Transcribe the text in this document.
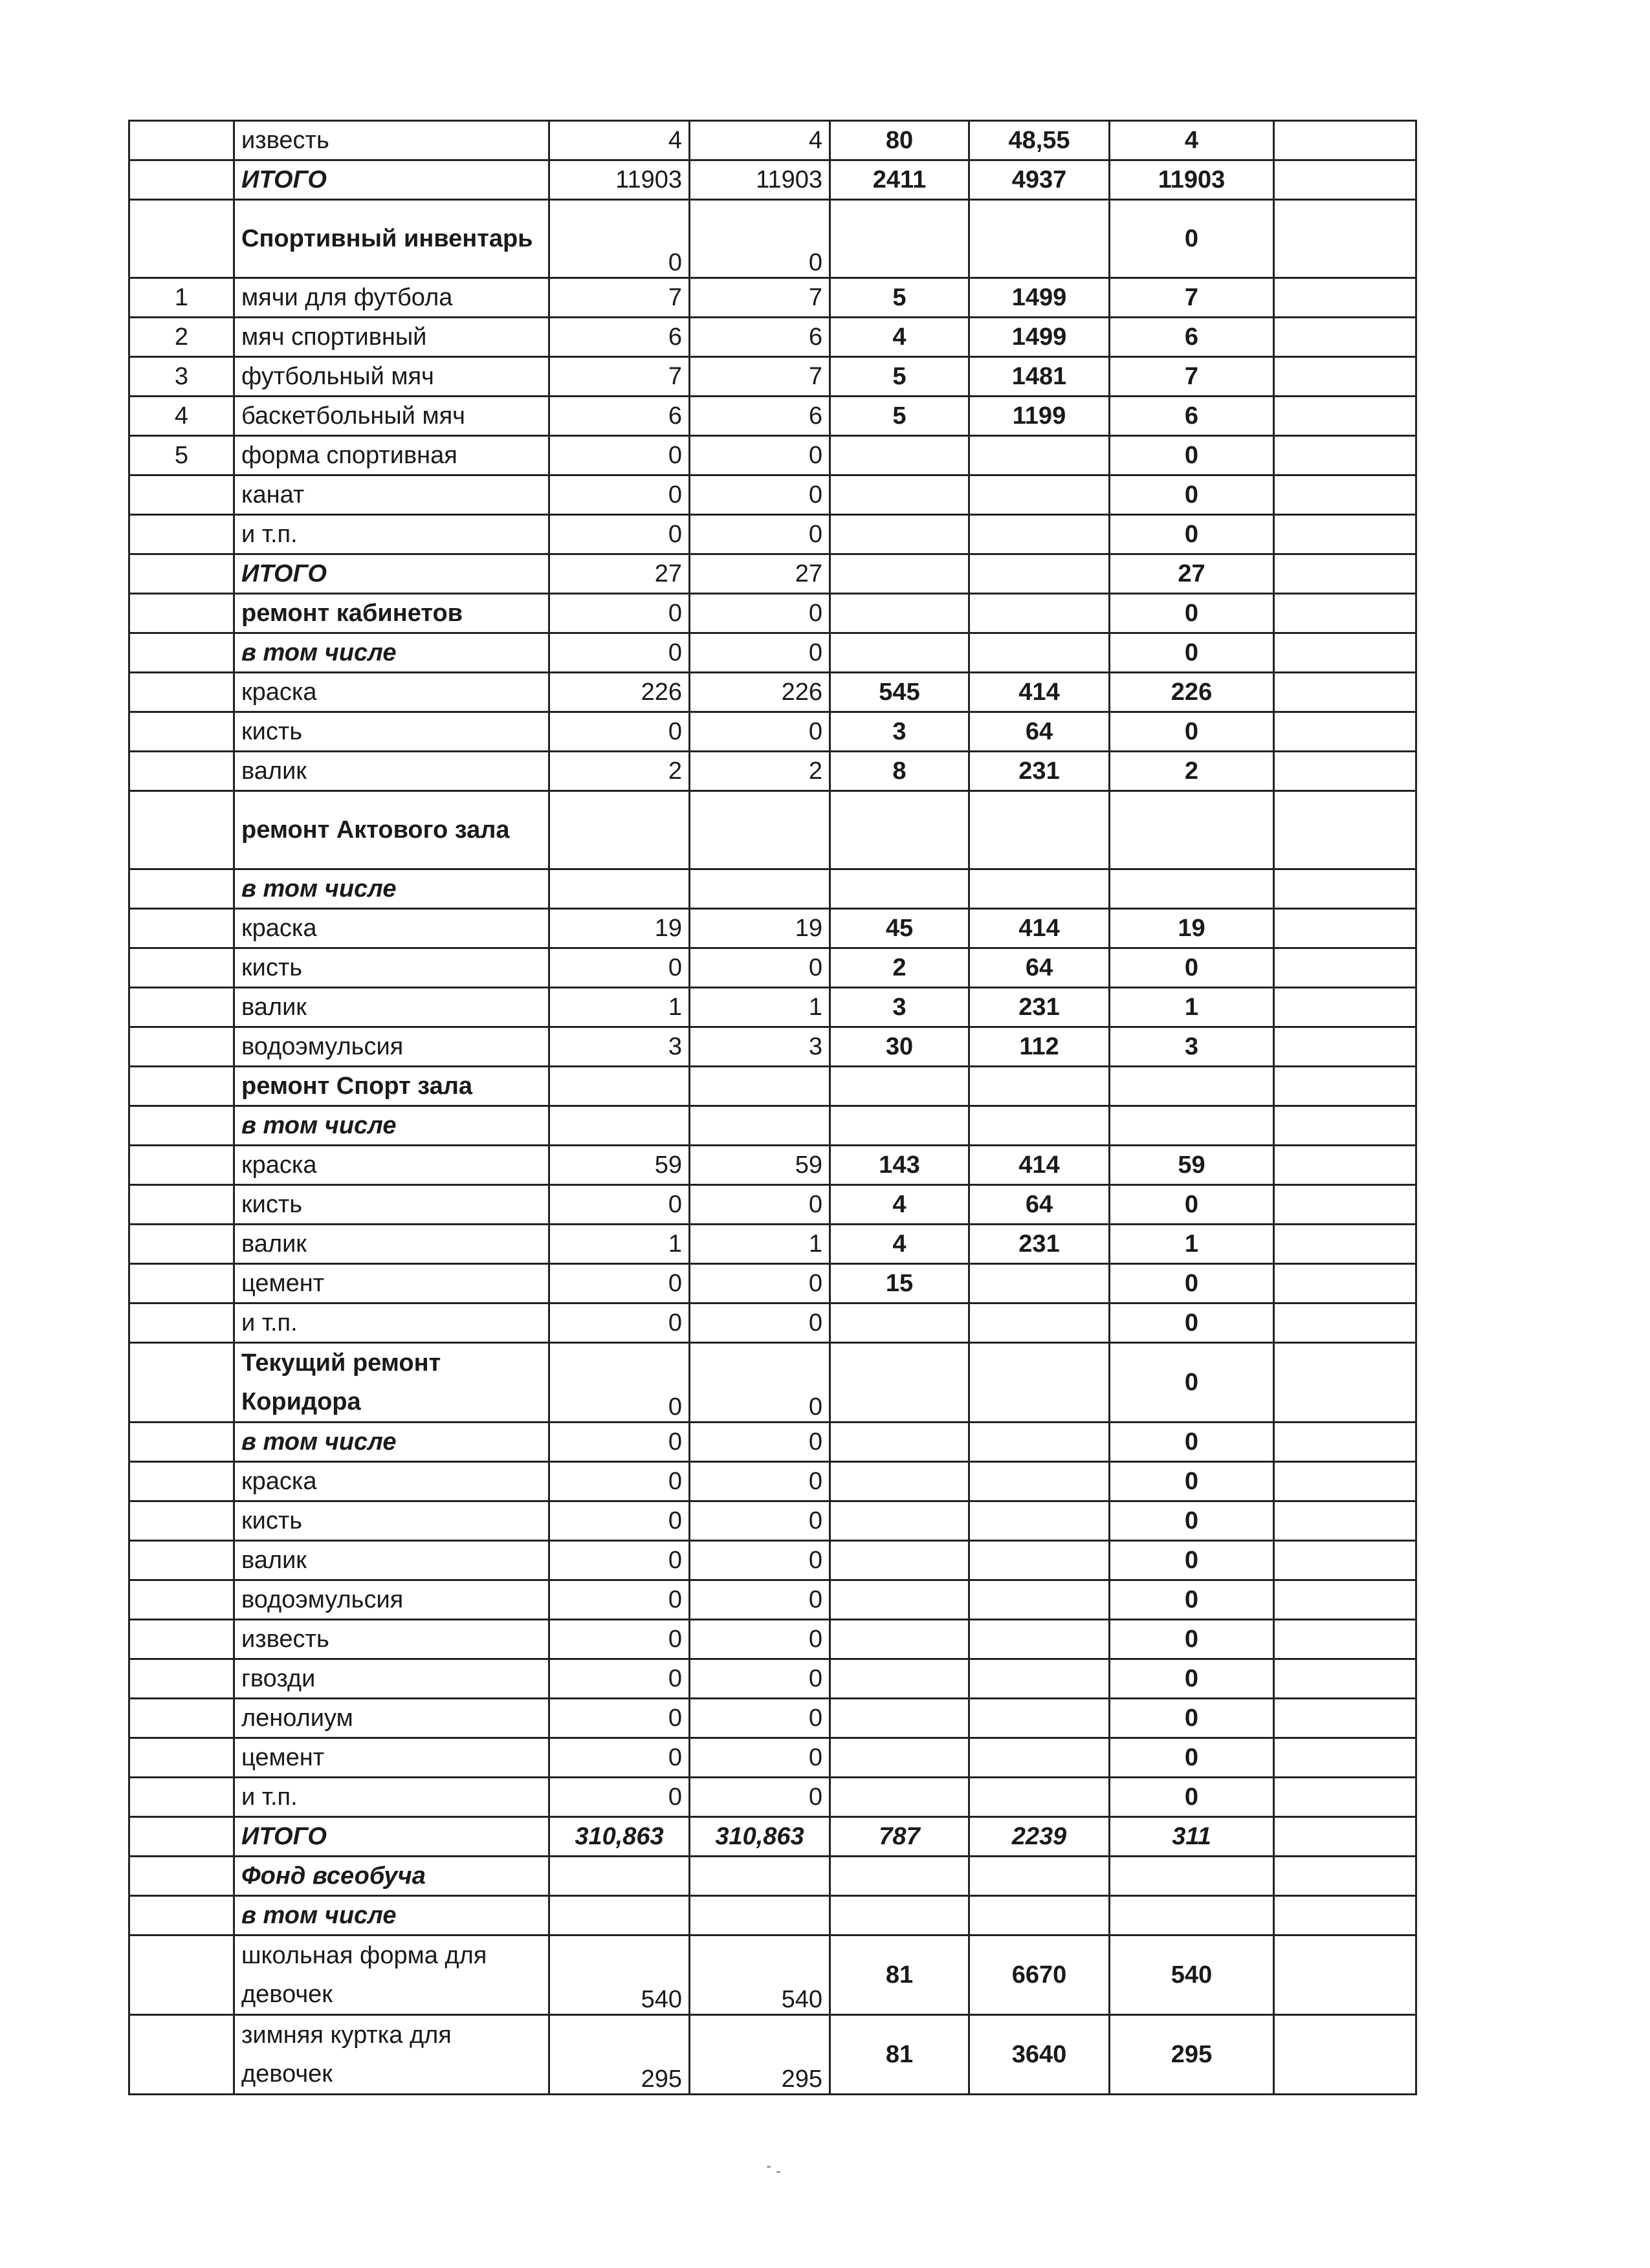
	известь	4	4	80	48,55	4	
	ИТОГО	11903	11903	2411	4937	11903	
	Спортивный инвентарь	0	0			0	
1	мячи для футбола	7	7	5	1499	7	
2	мяч спортивный	6	6	4	1499	6	
3	футбольный мяч	7	7	5	1481	7	
4	баскетбольный мяч	6	6	5	1199	6	
5	форма спортивная	0	0			0	
	канат	0	0			0	
	и т.п.	0	0			0	
	ИТОГО	27	27			27	
	ремонт кабинетов	0	0			0	
	в том числе	0	0			0	
	краска	226	226	545	414	226	
	кисть	0	0	3	64	0	
	валик	2	2	8	231	2	
	ремонт Актового зала						
	в том числе						
	краска	19	19	45	414	19	
	кисть	0	0	2	64	0	
	валик	1	1	3	231	1	
	водоэмульсия	3	3	30	112	3	
	ремонт Спорт зала						
	в том числе						
	краска	59	59	143	414	59	
	кисть	0	0	4	64	0	
	валик	1	1	4	231	1	
	цемент	0	0	15		0	
	и т.п.	0	0			0	
	Текущий ремонт Коридора	0	0			0	
	в том числе	0	0			0	
	краска	0	0			0	
	кисть	0	0			0	
	валик	0	0			0	
	водоэмульсия	0	0			0	
	известь	0	0			0	
	гвозди	0	0			0	
	ленолиум	0	0			0	
	цемент	0	0			0	
	и т.п.	0	0			0	
	ИТОГО	310,863	310,863	787	2239	311	
	Фонд всеобуча						
	в том числе						
	школьная форма для девочек	540	540	81	6670	540	
	зимняя куртка для девочек	295	295	81	3640	295	
